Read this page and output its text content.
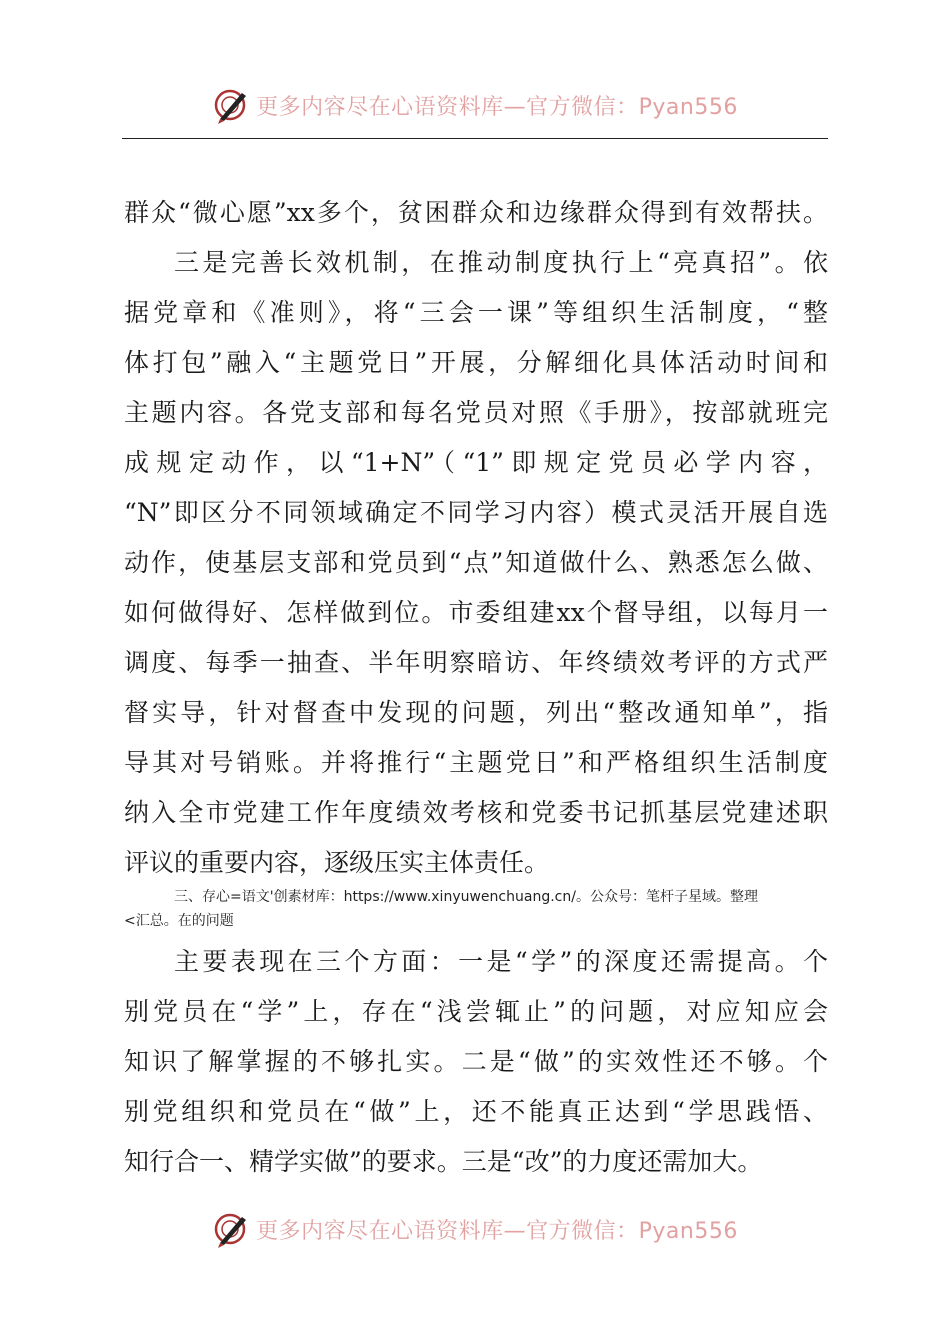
更多内容尽在心语资料库—官方微信：Pyan556
群众“微心愿”xx多个，贫困群众和边缘群众得到有效帮扶。
三是完善长效机制，在推动制度执行上“亮真招”。依
据党章和《准则》，将“三会一课”等组织生活制度，“整
体打包”融入“主题党日”开展，分解细化具体活动时间和
主题内容。各党支部和每名党员对照《手册》，按部就班完
成规定动作，以“1+N”（“1”即规定党员必学内容，
“N”即区分不同领域确定不同学习内容）模式灵活开展自选
动作，使基层支部和党员到“点”知道做什么、熟悉怎么做、
如何做得好、怎样做到位。市委组建xx个督导组，以每月一
调度、每季一抽查、半年明察暗访、年终绩效考评的方式严
督实导，针对督查中发现的问题，列出“整改通知单”，指
导其对号销账。并将推行“主题党日”和严格组织生活制度
纳入全市党建工作年度绩效考核和党委书记抓基层党建述职
评议的重要内容，逐级压实主体责任。
主要表现在三个方面：一是“学”的深度还需提高。个
别党员在“学”上，存在“浅尝辄止”的问题，对应知应会
知识了解掌握的不够扎实。二是“做”的实效性还不够。个
别党组织和党员在“做”上，还不能真正达到“学思践悟、
知行合一、精学实做”的要求。三是“改”的力度还需加大。
三、存心=语文'创素材库：https://www.xinyuwenchuang.cn/。公众号：笔杆子星域。整理
<汇总。在的问题
更多内容尽在心语资料库—官方微信：Pyan556
